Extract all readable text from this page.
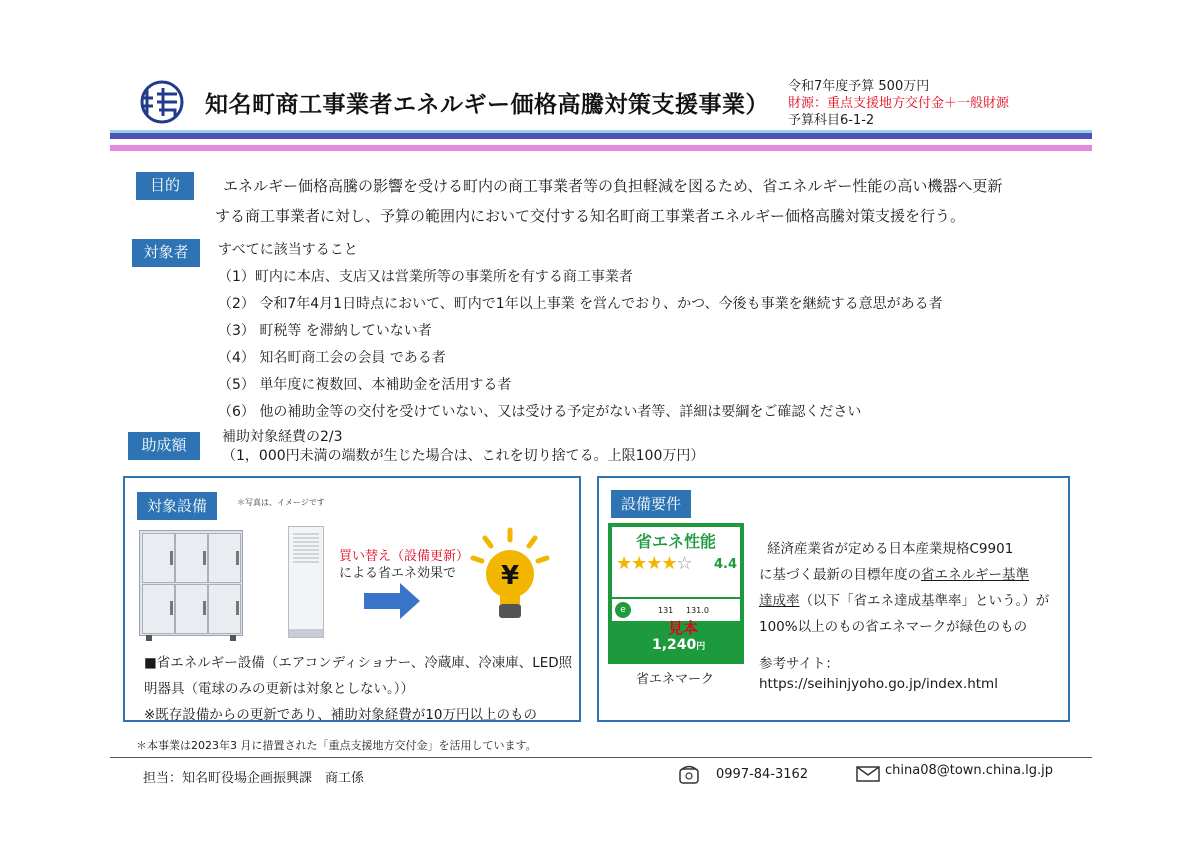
知名町商工事業者エネルギー価格高騰対策支援事業）
令和7年度予算 500万円
財源：重点支援地方交付金＋一般財源
予算科目6-1-2
目的	エネルギー価格高騰の影響を受ける町内の商工事業者等の負担軽減を図るため、省エネルギー性能の高い機器へ更新
する商工事業者に対し、予算の範囲内において交付する知名町商工事業者エネルギー価格高騰対策支援を行う。
対象者	すべてに該当すること
（1）町内に本店、支店又は営業所等の事業所を有する商工事業者
（2） 令和7年4月1日時点において、町内で1年以上事業 を営んでおり、かつ、今後も事業を継続する意思がある者
（3） 町税等 を滞納していない者
（4） 知名町商工会の会員 である者
（5） 単年度に複数回、本補助金を活用する者
（6） 他の補助金等の交付を受けていない、又は受ける予定がない者等、詳細は要綱をご確認ください
助成額	補助対象経費の2/3
（1，000円未満の端数が生じた場合は、これを切り捨てる。上限100万円）
対象設備	＊写真は、イメージです
買い替え（設備更新）
による省エネ効果で	¥
■省エネルギー設備（エアコンディショナー、冷蔵庫、冷凍庫、LED照
明器具（電球のみの更新は対象としない。））
※既存設備からの更新であり、補助対象経費が10万円以上のもの
設備要件
省エネ性能
★★★★☆ 4.4
e	131 131.0
見本
1,240円
省エネマーク
経済産業省が定める日本産業規格C9901
に基づく最新の目標年度の省エネルギー基準
達成率（以下「省エネ達成基準率」という。）が
100%以上のもの省エネマークが緑色のもの
参考サイト：
https://seihinjyoho.go.jp/index.html
＊本事業は2023年3 月に措置された「重点支援地方交付金」を活用しています。
担当：知名町役場企画振興課　商工係	0997-84-3162	china08@town.china.lg.jp
